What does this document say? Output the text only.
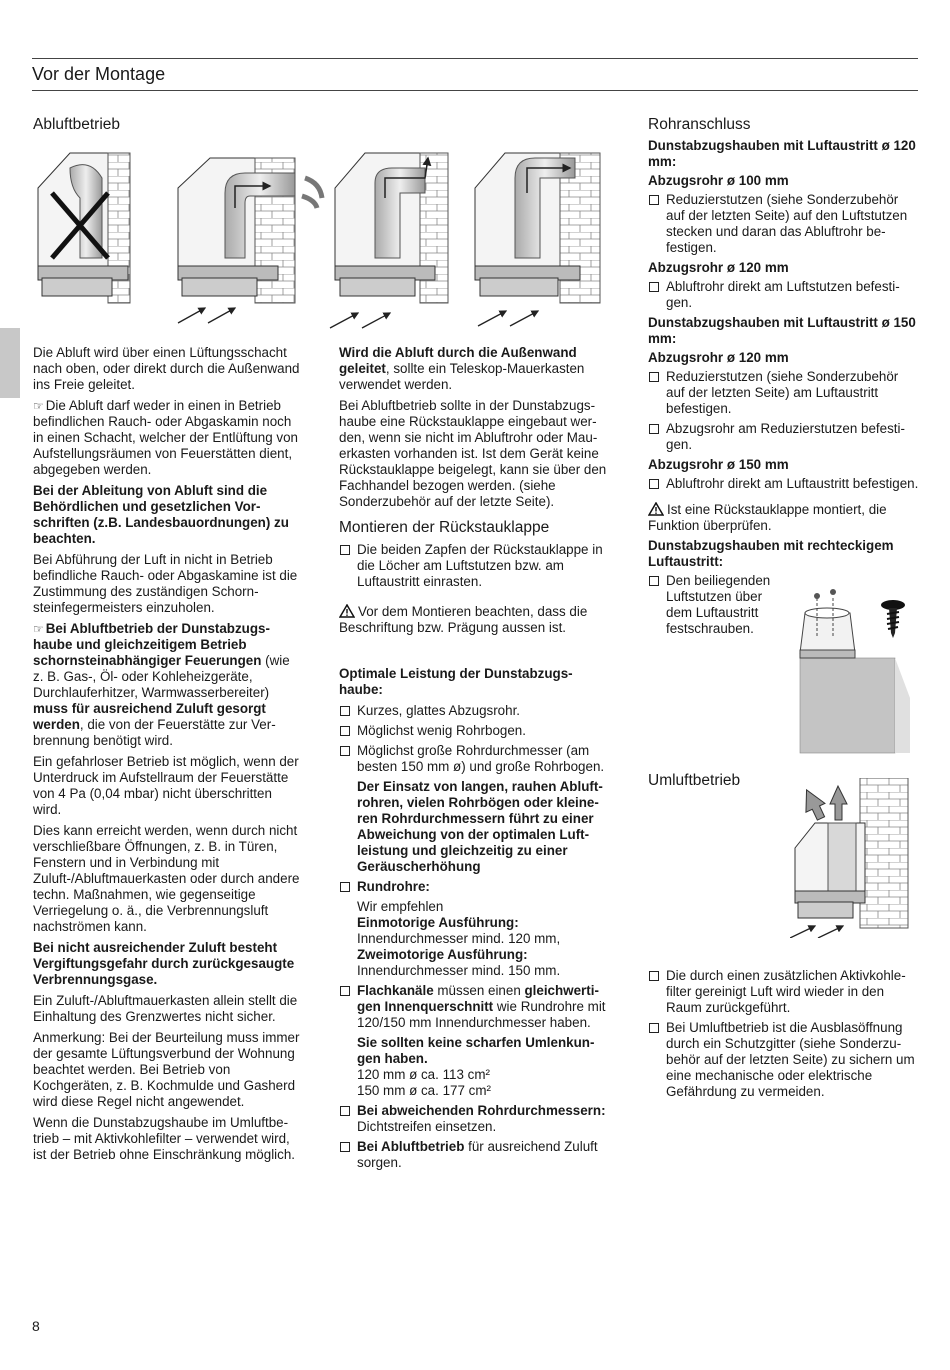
Vor der Montage
Abluftbetrieb

Die Abluft wird über einen Lüftungsschacht nach oben, oder direkt durch die Außenwand ins Freie geleitet.

☞ Die Abluft darf weder in einen in Betrieb befindlichen Rauch- oder Abgaskamin noch in einen Schacht, welcher der Entlüftung von Aufstellungsräumen von Feuerstätten dient, abgegeben werden.

Bei der Ableitung von Abluft sind die Behördlichen und gesetzlichen Vorschriften (z.B. Landesbauordnungen) zu beachten.

Bei Abführung der Luft in nicht in Betrieb befindliche Rauch- oder Abgaskamine ist die Zustimmung des zuständigen Schornsteinfegermeisters einzuholen.

☞ Bei Abluftbetrieb der Dunstabzugshaube und gleichzeitigem Betrieb schornsteinabhängiger Feuerungen (wie z. B. Gas-, Öl- oder Kohleheizgeräte, Durchlauferhitzer, Warmwasserbereiter) muss für ausreichend Zuluft gesorgt werden, die von der Feuerstätte zur Verbrennung benötigt wird.

Ein gefahrloser Betrieb ist möglich, wenn der Unterdruck im Aufstellraum der Feuerstätte von 4 Pa (0,04 mbar) nicht überschritten wird.

Dies kann erreicht werden, wenn durch nicht verschließbare Öffnungen, z. B. in Türen, Fenstern und in Verbindung mit Zuluft-/Abluftmauerkasten oder durch andere techn. Maßnahmen, wie gegenseitige Verriegelung o. ä., die Verbrennungsluft nachströmen kann.

Bei nicht ausreichender Zuluft besteht Vergiftungsgefahr durch zurückgesaugte Verbrennungsgase.

Ein Zuluft-/Abluftmauerkasten allein stellt die Einhaltung des Grenzwertes nicht sicher.

Anmerkung: Bei der Beurteilung muss immer der gesamte Lüftungsverbund der Wohnung beachtet werden. Bei Betrieb von Kochgeräten, z. B. Kochmulde und Gasherd wird diese Regel nicht angewendet.

Wenn die Dunstabzugshaube im Umluftbetrieb – mit Aktivkohlefilter – verwendet wird, ist der Betrieb ohne Einschränkung möglich.

Wird die Abluft durch die Außenwand geleitet, sollte ein Teleskop-Mauerkasten verwendet werden.

Bei Abluftbetrieb sollte in der Dunstabzugshaube eine Rückstauklappe eingebaut werden, wenn sie nicht im Abluftrohr oder Mauerkasten vorhanden ist. Ist dem Gerät keine Rückstauklappe beigelegt, kann sie über den Fachhandel bezogen werden. (siehe Sonderzubehör auf der letzte Seite).

Montieren der Rückstauklappe
Die beiden Zapfen der Rückstauklappe in die Löcher am Luftstutzen bzw. am Luftaustritt einrasten.

Vor dem Montieren beachten, dass die Beschriftung bzw. Prägung aussen ist.

Optimale Leistung der Dunstabzugshaube:

Kurzes, glattes Abzugsrohr.
Möglichst wenig Rohrbogen.
Möglichst große Rohrdurchmesser (am besten 150 mm ø) und große Rohrbogen.
Der Einsatz von langen, rauhen Abluftrohren, vielen Rohrbögen oder kleineren Rohrdurchmessern führt zu einer Abweichung von der optimalen Luftleistung und gleichzeitig zu einer Geräuscherhöhung
Rundrohre:
Wir empfehlen
Einmotorige Ausführung:
Innendurchmesser mind. 120 mm,
Zweimotorige Ausführung:
Innendurchmesser mind. 150 mm.
Flachkanäle müssen einen gleichwertigen Innenquerschnitt wie Rundrohre mit 120/150 mm Innendurchmesser haben.
Sie sollten keine scharfen Umlenkungen haben.
120 mm ø ca. 113 cm²
150 mm ø ca. 177 cm²
Bei abweichenden Rohrdurchmessern: Dichtstreifen einsetzen.
Bei Abluftbetrieb für ausreichend Zuluft sorgen.
Rohranschluss
Dunstabzugshauben mit Luftaustritt ø 120 mm:
Abzugsrohr ø 100 mm
Reduzierstutzen (siehe Sonderzubehör auf der letzten Seite) auf den Luftstutzen stecken und daran das Abluftrohr befestigen.
Abzugsrohr ø 120 mm
Abluftrohr direkt am Luftstutzen befestigen.
Dunstabzugshauben mit Luftaustritt ø 150 mm:
Abzugsrohr ø 120 mm
Reduzierstutzen (siehe Sonderzubehör auf der letzten Seite) am Luftaustritt befestigen.
Abzugsrohr am Reduzierstutzen befestigen.
Abzugsrohr ø 150 mm
Abluftrohr direkt am Luftaustritt befestigen.

Ist eine Rückstauklappe montiert, die Funktion überprüfen.

Dunstabzugshauben mit rechteckigem Luftaustritt:
Den beiliegenden Luftstutzen über dem Luftaustritt festschrauben.
Umluftbetrieb
Die durch einen zusätzlichen Aktivkohlefilter gereinigt Luft wird wieder in den Raum zurückgeführt.
Bei Umluftbetrieb ist die Ausblasöffnung durch ein Schutzgitter (siehe Sonderzubehör auf der letzten Seite) zu sichern um eine mechanische oder elektrische Gefährdung zu vermeiden.
8
